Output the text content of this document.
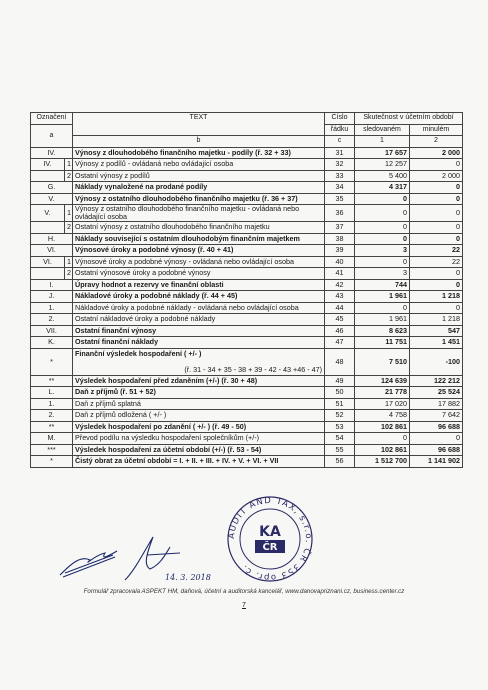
Označení		TEXT	Číslo	Skutečnost v účetním období	
a			řádku	sledovaném	minulém
		b	c	1	2
IV.		Výnosy z dlouhodobého finančního majetku - podíly (ř. 32 + 33)	31	17 657	2 000
IV.	1	Výnosy z podílů - ovládaná nebo ovládající osoba	32	12 257	0
	2	Ostatní výnosy z podílů	33	5 400	2 000
G.		Náklady vynaložené na prodané podíly	34	4 317	0
V.		Výnosy z ostatního dlouhodobého finančního majetku (ř. 36 + 37)	35	0	0
V.	1	Výnosy z ostatního dlouhodobého finančního majetku - ovládaná nebo ovládající osoba	36	0	0
	2	Ostatní výnosy z ostatního dlouhodobého finančního majetku	37	0	0
H.		Náklady související s ostatním dlouhodobým finančním majetkem	38	0	0
VI.		Výnosové úroky a podobné výnosy (ř. 40 + 41)	39	3	22
VI.	1	Výnosové úroky a podobné výnosy - ovládaná nebo ovládající osoba	40	0	22
	2	Ostatní výnosové úroky a podobné výnosy	41	3	0
I.		Úpravy hodnot a rezervy ve finanční oblasti	42	744	0
J.		Nákladové úroky a podobné náklady (ř. 44 + 45)	43	1 961	1 218
1.		Nákladové úroky a podobné náklady - ovládaná nebo ovládající osoba	44	0	0
2.		Ostatní nákladové úroky a podobné náklady	45	1 961	1 218
VII.		Ostatní finanční výnosy	46	8 623	547
K.		Ostatní finanční náklady	47	11 751	1 451
*		Finanční výsledek hospodaření ( +/- )
(ř. 31 - 34 + 35 - 38 + 39 - 42 - 43 +46 - 47)	48	7 510	-100
**		Výsledek hospodaření před zdaněním (+/-) (ř. 30 + 48)	49	124 639	122 212
L.		Daň z příjmů (ř. 51 + 52)	50	21 778	25 524
1.		Daň z příjmů splatná	51	17 020	17 882
2.		Daň z příjmů odložená ( +/- )	52	4 758	7 642
**		Výsledek hospodaření po zdanění ( +/- ) (ř. 49 - 50)	53	102 861	96 688
M.		Převod podílu na výsledku hospodaření společníkům (+/-)	54	0	0
***		Výsledek hospodaření za účetní období (+/-) (ř. 53 - 54)	55	102 861	96 688
*		Čistý obrat za účetní období = I. + II. + III. + IV. + V. + VI. + VII	56	1 512 700	1 141 902
14. 3. 2018
AUDIT AND TAX, s.r.o. ČR 353 opr. č.
KA
ČR
Formulář zpracovala ASPEKT HM, daňová, účetní a auditorská kancelář, www.danovapriznani.cz, business.center.cz
7
